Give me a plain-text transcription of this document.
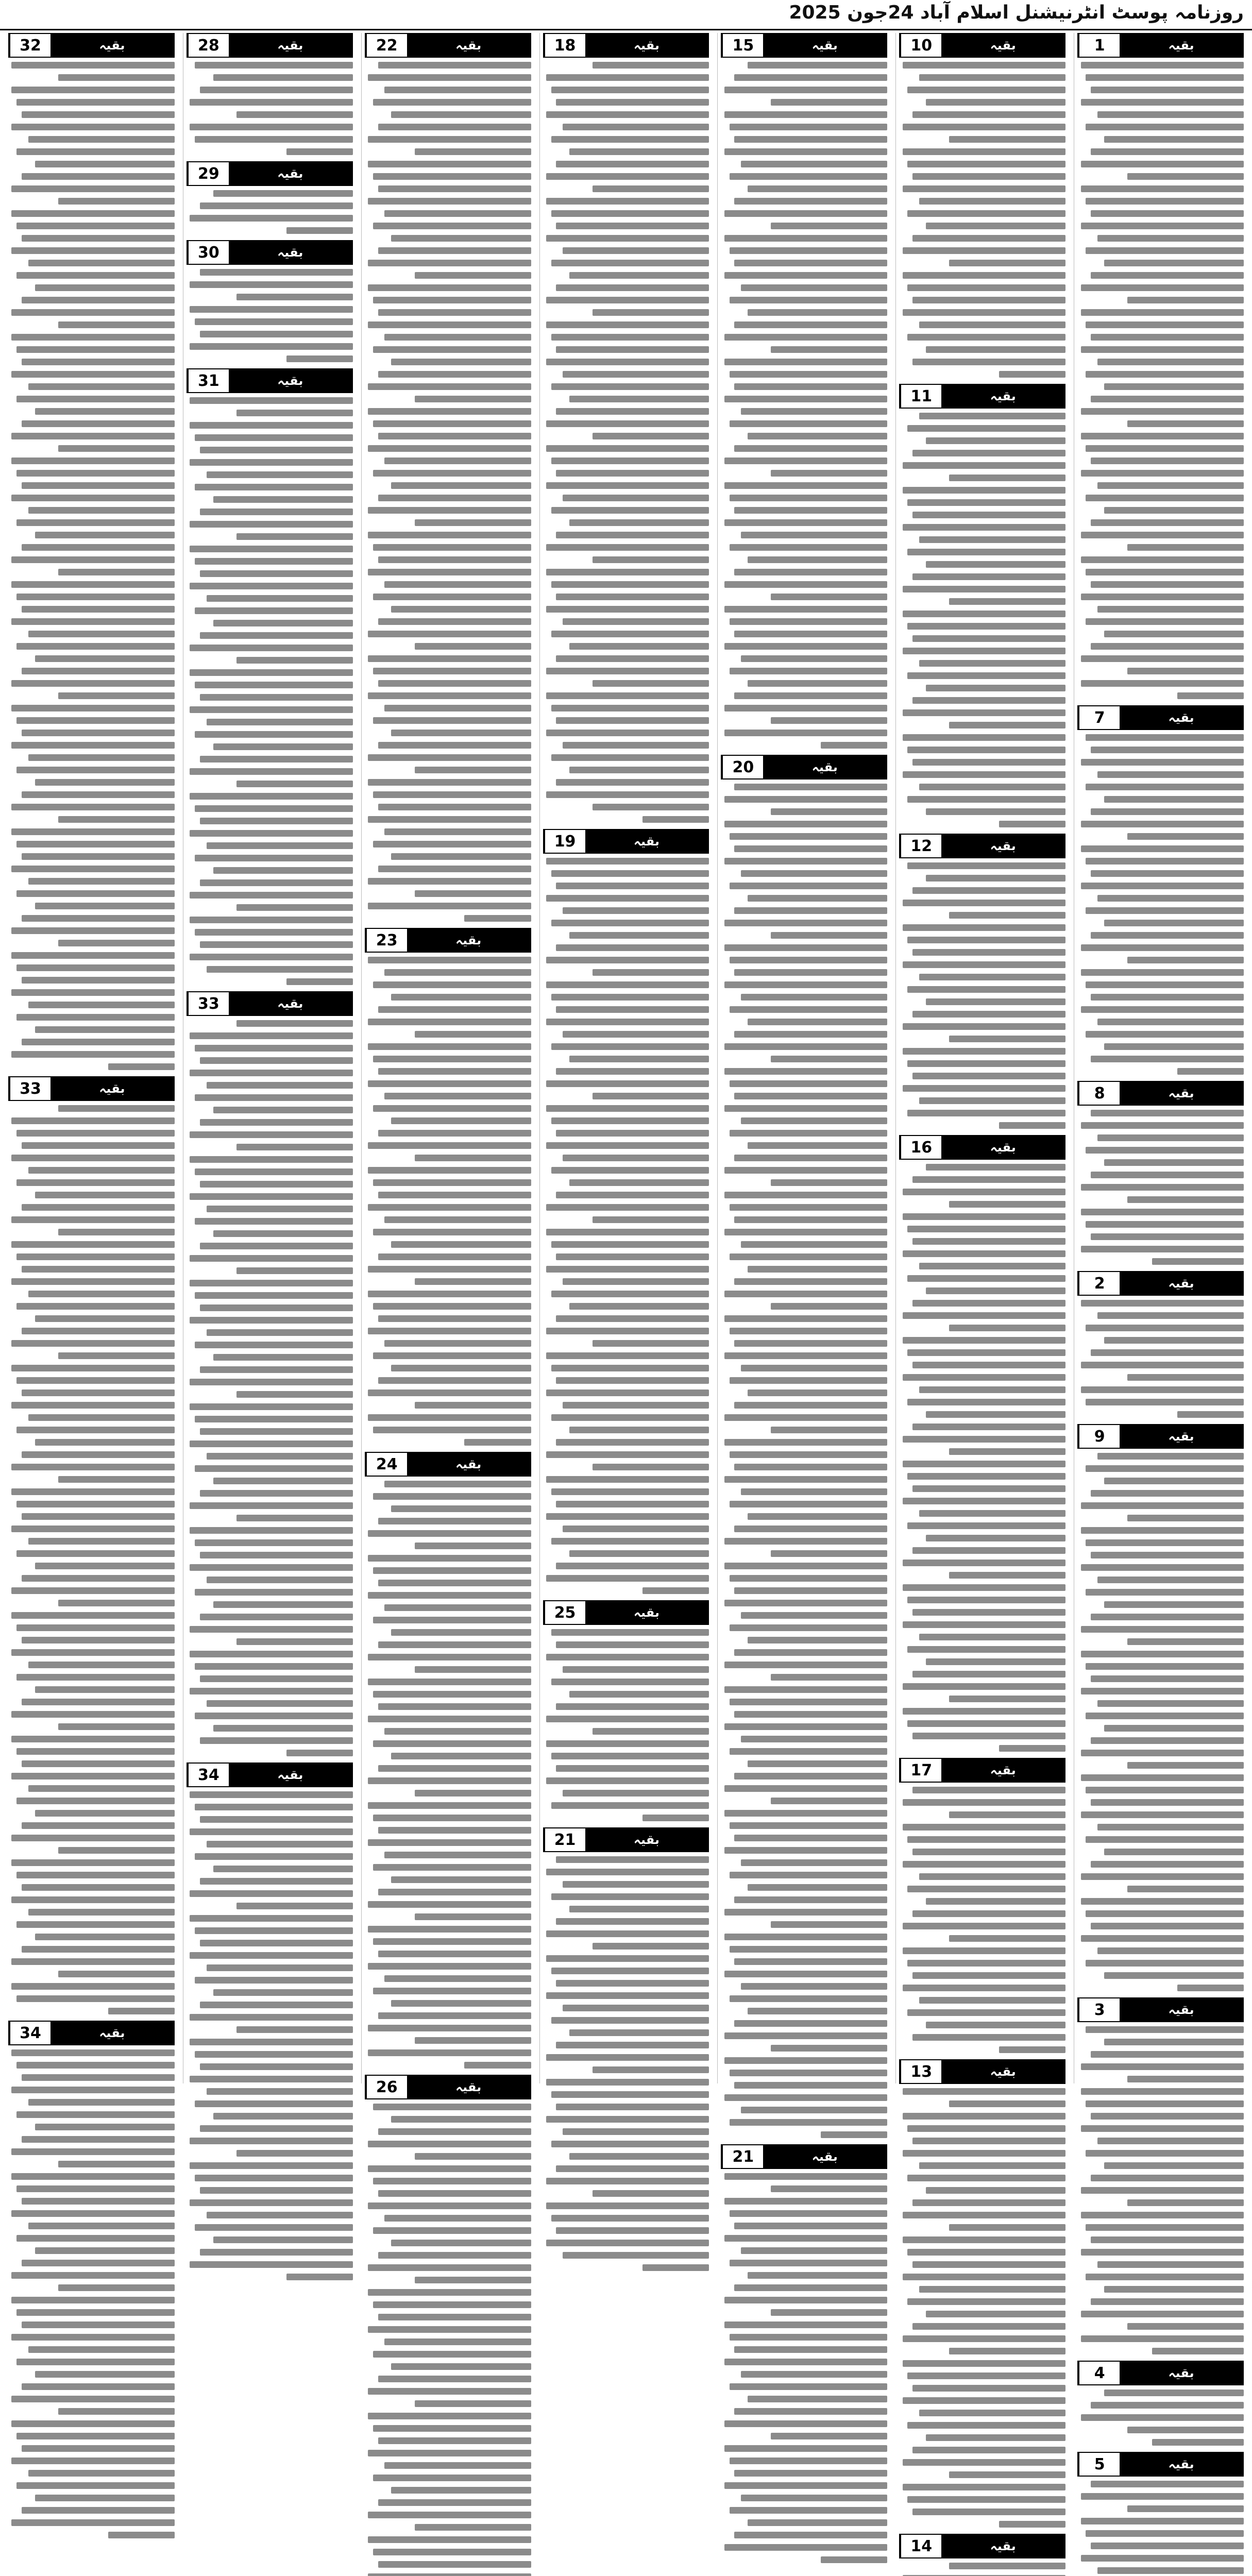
روزنامہ پوسٹ انٹرنیشنل اسلام آباد 24جون 2025
بقیہ
1
بقیہ
7
بقیہ
8
بقیہ
2
بقیہ
9
بقیہ
3
بقیہ
4
بقیہ
5
بقیہ
10
بقیہ
11
بقیہ
12
بقیہ
16
بقیہ
17
بقیہ
13
بقیہ
14
بقیہ
15
بقیہ
20
بقیہ
21
بقیہ
18
بقیہ
19
بقیہ
25
بقیہ
21
بقیہ
22
بقیہ
23
بقیہ
24
بقیہ
26
بقیہ
28
بقیہ
29
بقیہ
30
بقیہ
31
بقیہ
33
بقیہ
34
بقیہ
32
بقیہ
33
بقیہ
34
